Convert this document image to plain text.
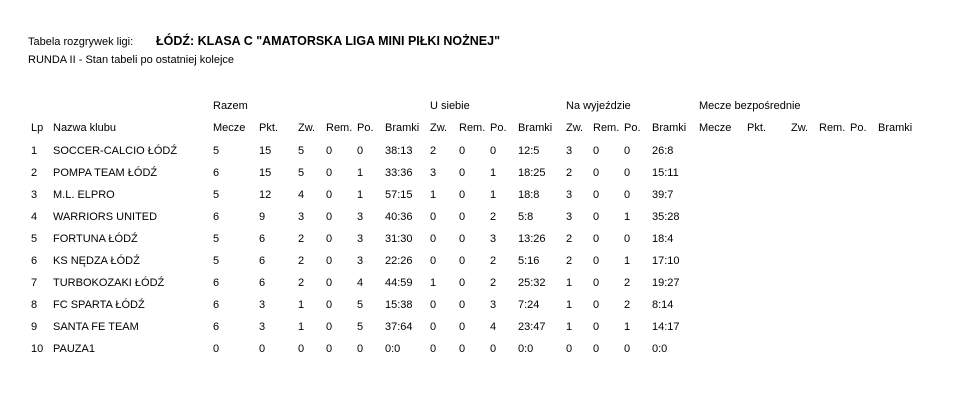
Tabela rozgrywek ligi: ŁÓDŹ: KLASA C "AMATORSKA LIGA MINI PIŁKI NOŻNEJ"
RUNDA II - Stan tabeli po ostatniej kolejce
Razem	U siebie	Na wyjeździe	Mecze bezpośrednie
Lp Nazwa klubu	Mecze	Pkt.	Zw. Rem. Po.	Bramki Zw.	Rem. Po.	Bramki	Zw. Rem. Po.	Bramki	Mecze	Pkt.	Zw. Rem. Po.	Bramki
1	SOCCER-CALCIO ŁÓDŹ	5	15	5	0	0	38:13	2	0	0	12:5	3	0	0	26:8
2	POMPA TEAM ŁÓDŹ	6	15	5	0	1	33:36	3	0	1	18:25	2	0	0	15:11
3	M.L. ELPRO	5	12	4	0	1	57:15	1	0	1	18:8	3	0	0	39:7
4	WARRIORS UNITED	6	9	3	0	3	40:36	0	0	2	5:8	3	0	1	35:28
5	FORTUNA ŁÓDŹ	5	6	2	0	3	31:30	0	0	3	13:26	2	0	0	18:4
6	KS NĘDZA ŁÓDŹ	5	6	2	0	3	22:26	0	0	2	5:16	2	0	1	17:10
7	TURBOKOZAKI ŁÓDŹ	6	6	2	0	4	44:59	1	0	2	25:32	1	0	2	19:27
8	FC SPARTA ŁÓDŹ	6	3	1	0	5	15:38	0	0	3	7:24	1	0	2	8:14
9	SANTA FE TEAM	6	3	1	0	5	37:64	0	0	4	23:47	1	0	1	14:17
10 PAUZA1	0	0	0	0	0	0:0	0	0	0	0:0	0	0	0	0:0
